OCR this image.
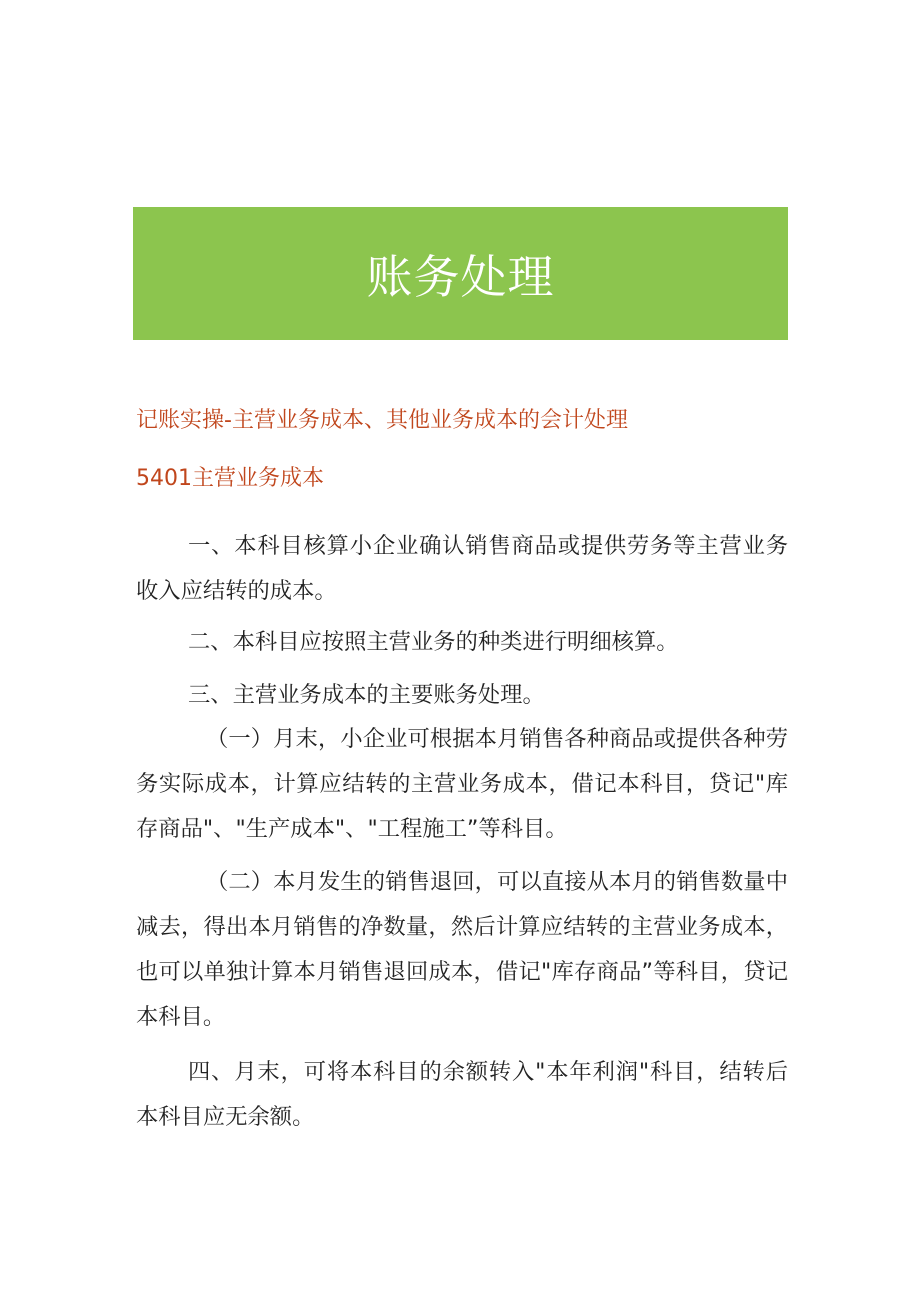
账务处理
记账实操-主营业务成本、其他业务成本的会计处理
5401主营业务成本

一、本科目核算小企业确认销售商品或提供劳务等主营业务收入应结转的成本。

二、本科目应按照主营业务的种类进行明细核算。

三、主营业务成本的主要账务处理。

（一）月末，小企业可根据本月销售各种商品或提供各种劳务实际成本，计算应结转的主营业务成本，借记本科目，贷记"库存商品"、"生产成本"、"工程施工”等科目。

（二）本月发生的销售退回，可以直接从本月的销售数量中减去，得出本月销售的净数量，然后计算应结转的主营业务成本，也可以单独计算本月销售退回成本，借记"库存商品”等科目，贷记本科目。

四、月末，可将本科目的余额转入"本年利润"科目，结转后本科目应无余额。
